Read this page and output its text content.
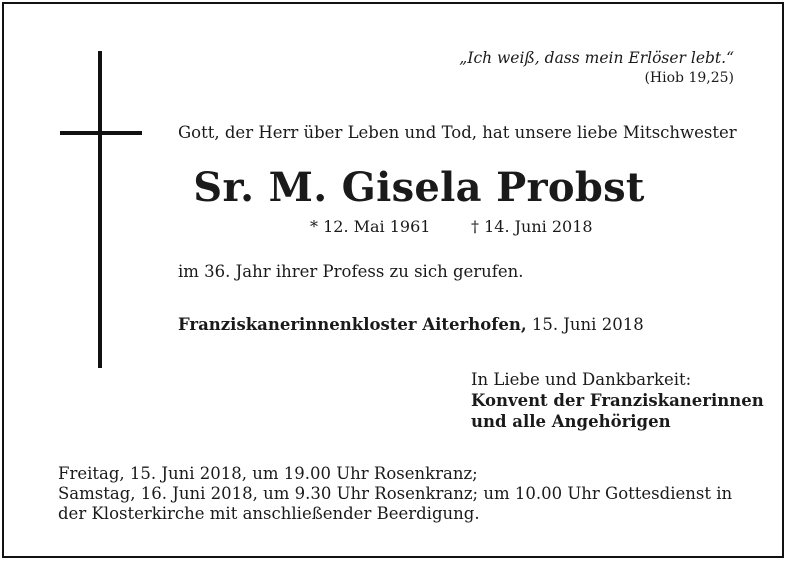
„Ich weiß, dass mein Erlöser lebt.“
(Hiob 19,25)
Gott, der Herr über Leben und Tod, hat unsere liebe Mitschwester
Sr. M. Gisela Probst
* 12. Mai 1961	† 14. Juni 2018
im 36. Jahr ihrer Profess zu sich gerufen.
Franziskanerinnenkloster Aiterhofen, 15. Juni 2018
In Liebe und Dankbarkeit:
Konvent der Franziskanerinnen
und alle Angehörigen
Freitag, 15. Juni 2018, um 19.00 Uhr Rosenkranz;
Samstag, 16. Juni 2018, um 9.30 Uhr Rosenkranz; um 10.00 Uhr Gottesdienst in
der Klosterkirche mit anschließender Beerdigung.
